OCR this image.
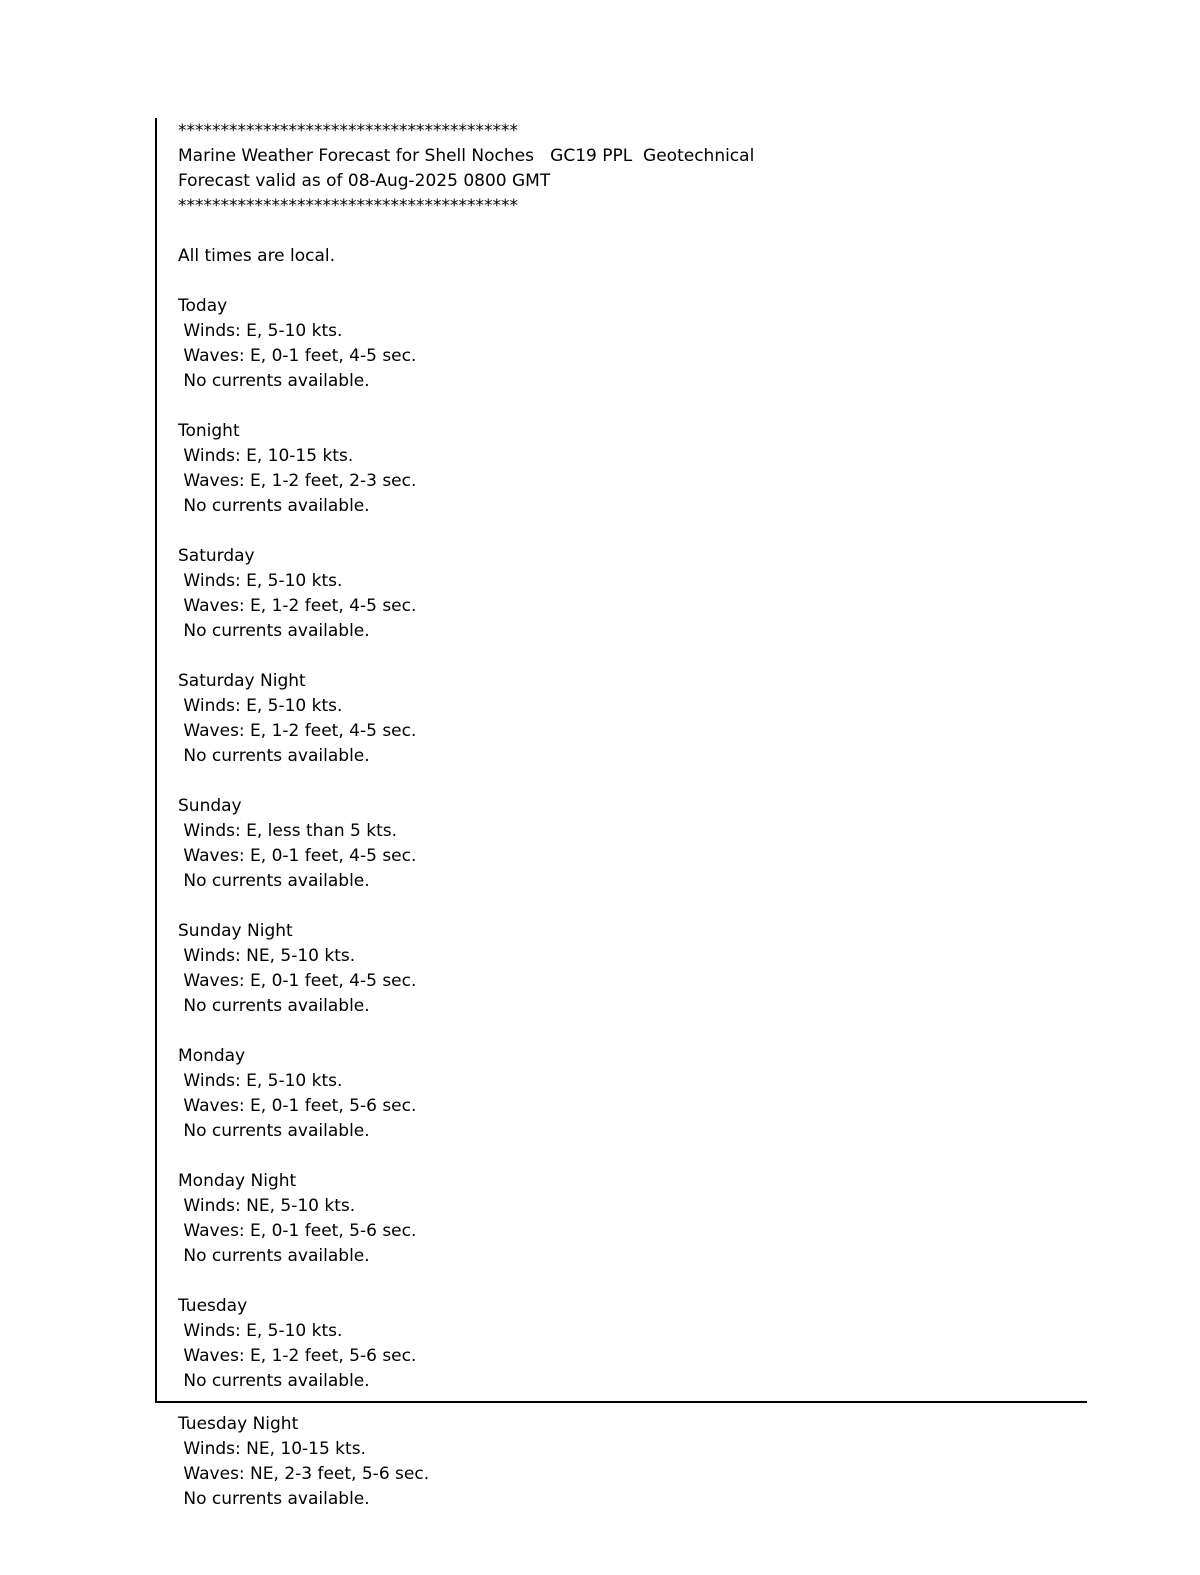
****************************************
Marine Weather Forecast for Shell Noches   GC19 PPL  Geotechnical
Forecast valid as of 08-Aug-2025 0800 GMT
****************************************
All times are local.
Today
Winds: E, 5-10 kts.
Waves: E, 0-1 feet, 4-5 sec.
No currents available.
Tonight
Winds: E, 10-15 kts.
Waves: E, 1-2 feet, 2-3 sec.
No currents available.
Saturday
Winds: E, 5-10 kts.
Waves: E, 1-2 feet, 4-5 sec.
No currents available.
Saturday Night
Winds: E, 5-10 kts.
Waves: E, 1-2 feet, 4-5 sec.
No currents available.
Sunday
Winds: E, less than 5 kts.
Waves: E, 0-1 feet, 4-5 sec.
No currents available.
Sunday Night
Winds: NE, 5-10 kts.
Waves: E, 0-1 feet, 4-5 sec.
No currents available.
Monday
Winds: E, 5-10 kts.
Waves: E, 0-1 feet, 5-6 sec.
No currents available.
Monday Night
Winds: NE, 5-10 kts.
Waves: E, 0-1 feet, 5-6 sec.
No currents available.
Tuesday
Winds: E, 5-10 kts.
Waves: E, 1-2 feet, 5-6 sec.
No currents available.
Tuesday Night
Winds: NE, 10-15 kts.
Waves: NE, 2-3 feet, 5-6 sec.
No currents available.
